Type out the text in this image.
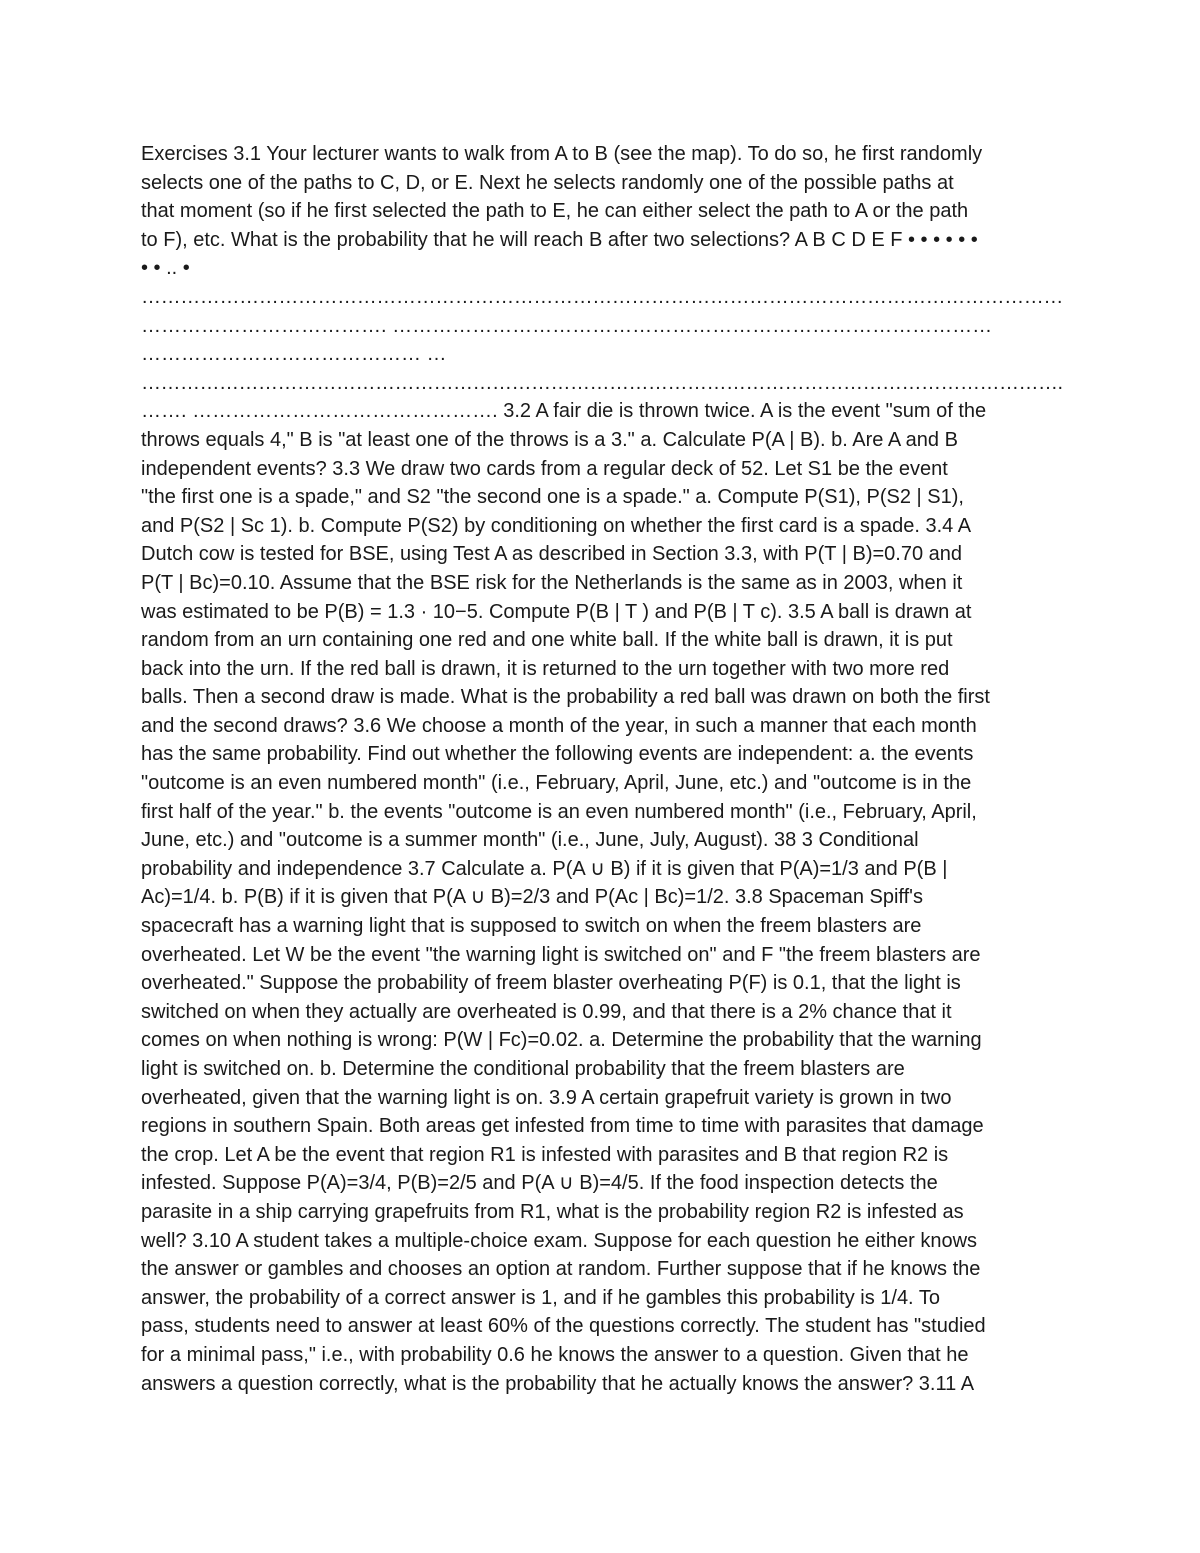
Exercises 3.1 Your lecturer wants to walk from A to B (see the map). To do so, he first randomly
selects one of the paths to C, D, or E. Next he selects randomly one of the possible paths at
that moment (so if he first selected the path to E, he can either select the path to A or the path
to F), etc. What is the probability that he will reach B after two selections? A B C D E F • • • • • •
• • .. •
……………………………………………………………………………………………………………………………
………………………………. ………………………………………………………………………………
…………………………………… …
…………………………………………………………………………………………………………………………….
……. ………………………………………. 3.2 A fair die is thrown twice. A is the event "sum of the
throws equals 4," B is "at least one of the throws is a 3." a. Calculate P(A | B). b. Are A and B
independent events? 3.3 We draw two cards from a regular deck of 52. Let S1 be the event
"the first one is a spade," and S2 "the second one is a spade." a. Compute P(S1), P(S2 | S1),
and P(S2 | Sc 1). b. Compute P(S2) by conditioning on whether the first card is a spade. 3.4 A
Dutch cow is tested for BSE, using Test A as described in Section 3.3, with P(T | B)=0.70 and
P(T | Bc)=0.10. Assume that the BSE risk for the Netherlands is the same as in 2003, when it
was estimated to be P(B) = 1.3 · 10−5. Compute P(B | T ) and P(B | T c). 3.5 A ball is drawn at
random from an urn containing one red and one white ball. If the white ball is drawn, it is put
back into the urn. If the red ball is drawn, it is returned to the urn together with two more red
balls. Then a second draw is made. What is the probability a red ball was drawn on both the first
and the second draws? 3.6 We choose a month of the year, in such a manner that each month
has the same probability. Find out whether the following events are independent: a. the events
"outcome is an even numbered month" (i.e., February, April, June, etc.) and "outcome is in the
first half of the year." b. the events "outcome is an even numbered month" (i.e., February, April,
June, etc.) and "outcome is a summer month" (i.e., June, July, August). 38 3 Conditional
probability and independence 3.7 Calculate a. P(A ∪ B) if it is given that P(A)=1/3 and P(B |
Ac)=1/4. b. P(B) if it is given that P(A ∪ B)=2/3 and P(Ac | Bc)=1/2. 3.8 Spaceman Spiff's
spacecraft has a warning light that is supposed to switch on when the freem blasters are
overheated. Let W be the event "the warning light is switched on" and F "the freem blasters are
overheated." Suppose the probability of freem blaster overheating P(F) is 0.1, that the light is
switched on when they actually are overheated is 0.99, and that there is a 2% chance that it
comes on when nothing is wrong: P(W | Fc)=0.02. a. Determine the probability that the warning
light is switched on. b. Determine the conditional probability that the freem blasters are
overheated, given that the warning light is on. 3.9 A certain grapefruit variety is grown in two
regions in southern Spain. Both areas get infested from time to time with parasites that damage
the crop. Let A be the event that region R1 is infested with parasites and B that region R2 is
infested. Suppose P(A)=3/4, P(B)=2/5 and P(A ∪ B)=4/5. If the food inspection detects the
parasite in a ship carrying grapefruits from R1, what is the probability region R2 is infested as
well? 3.10 A student takes a multiple-choice exam. Suppose for each question he either knows
the answer or gambles and chooses an option at random. Further suppose that if he knows the
answer, the probability of a correct answer is 1, and if he gambles this probability is 1/4. To
pass, students need to answer at least 60% of the questions correctly. The student has "studied
for a minimal pass," i.e., with probability 0.6 he knows the answer to a question. Given that he
answers a question correctly, what is the probability that he actually knows the answer? 3.11 A
